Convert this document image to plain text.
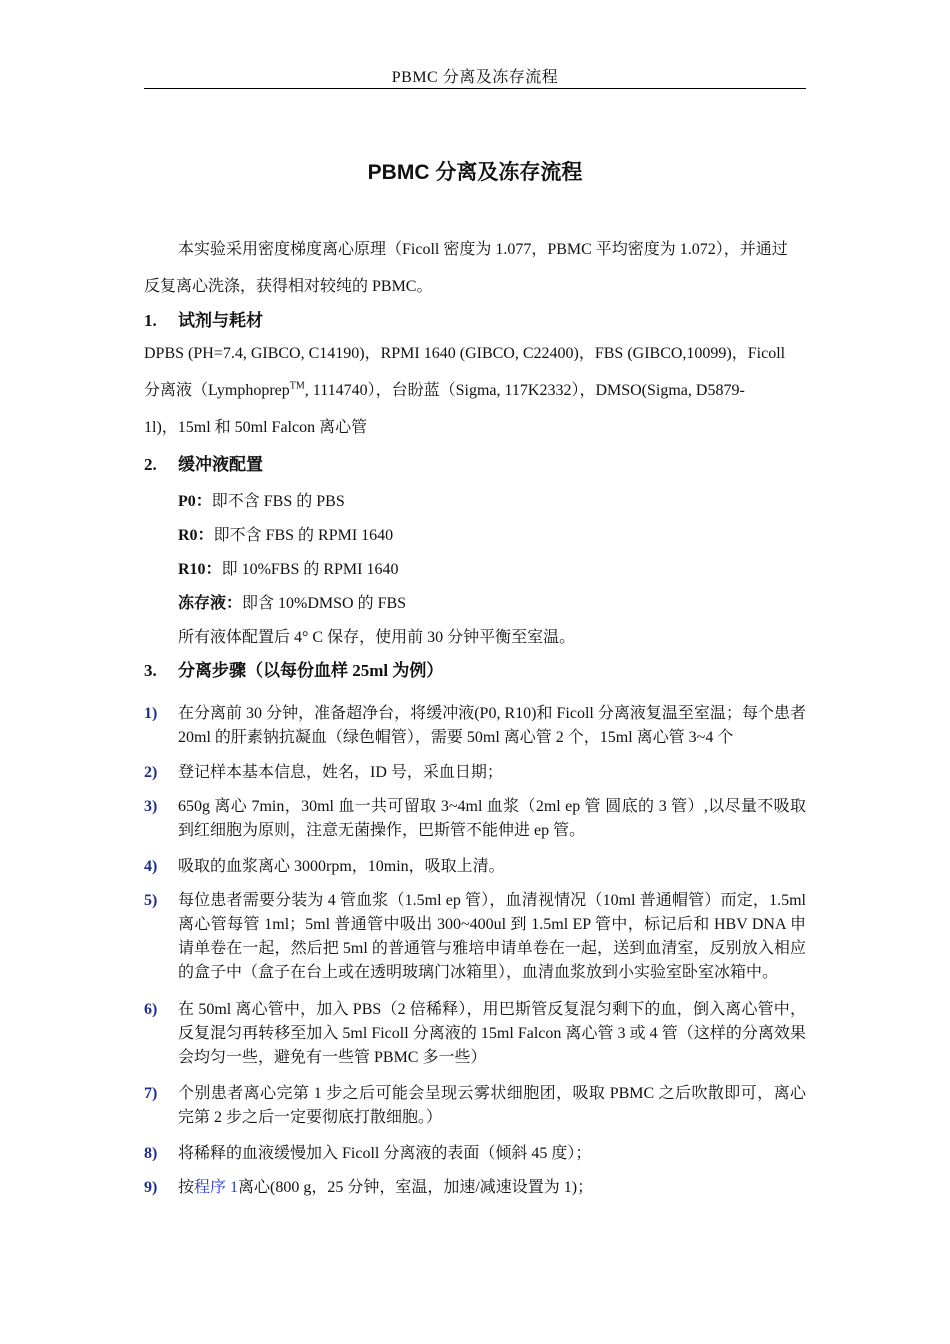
PBMC 分离及冻存流程
PBMC 分离及冻存流程
本实验采用密度梯度离心原理（Ficoll 密度为 1.077，PBMC 平均密度为 1.072），并通过
反复离心洗涤，获得相对较纯的 PBMC。
1. 试剂与耗材
DPBS (PH=7.4, GIBCO, C14190)，RPMI 1640 (GIBCO, C22400)，FBS (GIBCO,10099)，Ficoll
分离液（Lymphoprep™, 1114740），台盼蓝（Sigma, 117K2332），DMSO(Sigma, D5879-
1l)，15ml 和 50ml Falcon 离心管
2. 缓冲液配置
P0：即不含 FBS 的 PBS
R0：即不含 FBS 的 RPMI 1640
R10：即 10%FBS 的 RPMI 1640
冻存液：即含 10%DMSO 的 FBS
所有液体配置后 4° C 保存，使用前 30 分钟平衡至室温。
3. 分离步骤（以每份血样 25ml 为例）
1) 在分离前 30 分钟，准备超净台，将缓冲液(P0, R10)和 Ficoll 分离液复温至室温；每个患者 20ml 的肝素钠抗凝血（绿色帽管），需要 50ml 离心管 2 个，15ml 离心管 3~4 个
2) 登记样本基本信息，姓名，ID 号，采血日期；
3) 650g 离心 7min，30ml 血一共可留取 3~4ml 血浆（2ml ep 管 圆底的 3 管）,以尽量不吸取到红细胞为原则，注意无菌操作，巴斯管不能伸进 ep 管。
4) 吸取的血浆离心 3000rpm，10min，吸取上清。
5) 每位患者需要分装为 4 管血浆（1.5ml ep 管），血清视情况（10ml 普通帽管）而定，1.5ml 离心管每管 1ml；5ml 普通管中吸出 300~400ul 到 1.5ml EP 管中，标记后和 HBV DNA 申请单卷在一起，然后把 5ml 的普通管与雅培申请单卷在一起，送到血清室，反别放入相应的盒子中（盒子在台上或在透明玻璃门冰箱里），血清血浆放到小实验室卧室冰箱中。
6) 在 50ml 离心管中，加入 PBS（2 倍稀释），用巴斯管反复混匀剩下的血，倒入离心管中，反复混匀再转移至加入 5ml Ficoll 分离液的 15ml Falcon 离心管 3 或 4 管（这样的分离效果会均匀一些，避免有一些管 PBMC 多一些）
7) 个别患者离心完第 1 步之后可能会呈现云雾状细胞团，吸取 PBMC 之后吹散即可，离心完第 2 步之后一定要彻底打散细胞。）
8) 将稀释的血液缓慢加入 Ficoll 分离液的表面（倾斜 45 度）；
9) 按程序 1离心(800 g，25 分钟，室温，加速/减速设置为 1)；
